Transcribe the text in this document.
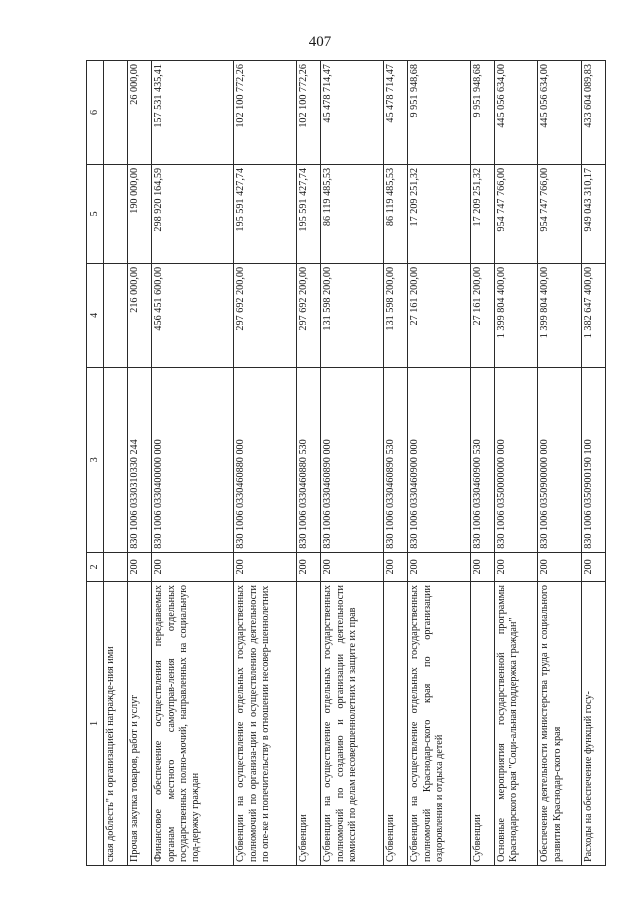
407
1	2	3	4	5	6
ская доблесть" и организацией награжде-ния ими					
Прочая закупка товаров, работ и услуг	200	830 1006 0330310330 244	216 000,00	190 000,00	26 000,00
Финансовое обеспечение осуществления передаваемых органам местного самоуправ-ления отдельных государственных полно-мочий, направленных на социальную под-держку граждан	200	830 1006 0330400000 000	456 451 600,00	298 920 164,59	157 531 435,41
Субвенции на осуществление отдельных государственных полномочий по организа-ции и осуществлению деятельности по опе-ке и попечительству в отношении несовер-шеннолетних	200	830 1006 0330460880 000	297 692 200,00	195 591 427,74	102 100 772,26
Субвенции	200	830 1006 0330460880 530	297 692 200,00	195 591 427,74	102 100 772,26
Субвенции на осуществление отдельных государственных полномочий по созданию и организации деятельности комиссий по делам несовершеннолетних и защите их прав	200	830 1006 0330460890 000	131 598 200,00	86 119 485,53	45 478 714,47
Субвенции	200	830 1006 0330460890 530	131 598 200,00	86 119 485,53	45 478 714,47
Субвенции на осуществление отдельных государственных полномочий Краснодар-ского края по организации оздоровления и отдыха детей	200	830 1006 0330460900 000	27 161 200,00	17 209 251,32	9 951 948,68
Субвенции	200	830 1006 0330460900 530	27 161 200,00	17 209 251,32	9 951 948,68
Основные мероприятия государственной программы Краснодарского края "Соци-альная поддержка граждан"	200	830 1006 0350000000 000	1 399 804 400,00	954 747 766,00	445 056 634,00
Обеспечение деятельности министерства труда и социального развития Краснодар-ского края	200	830 1006 0350900000 000	1 399 804 400,00	954 747 766,00	445 056 634,00
Расходы на обеспечение функций госу-	200	830 1006 0350900190 100	1 382 647 400,00	949 043 310,17	433 604 089,83
